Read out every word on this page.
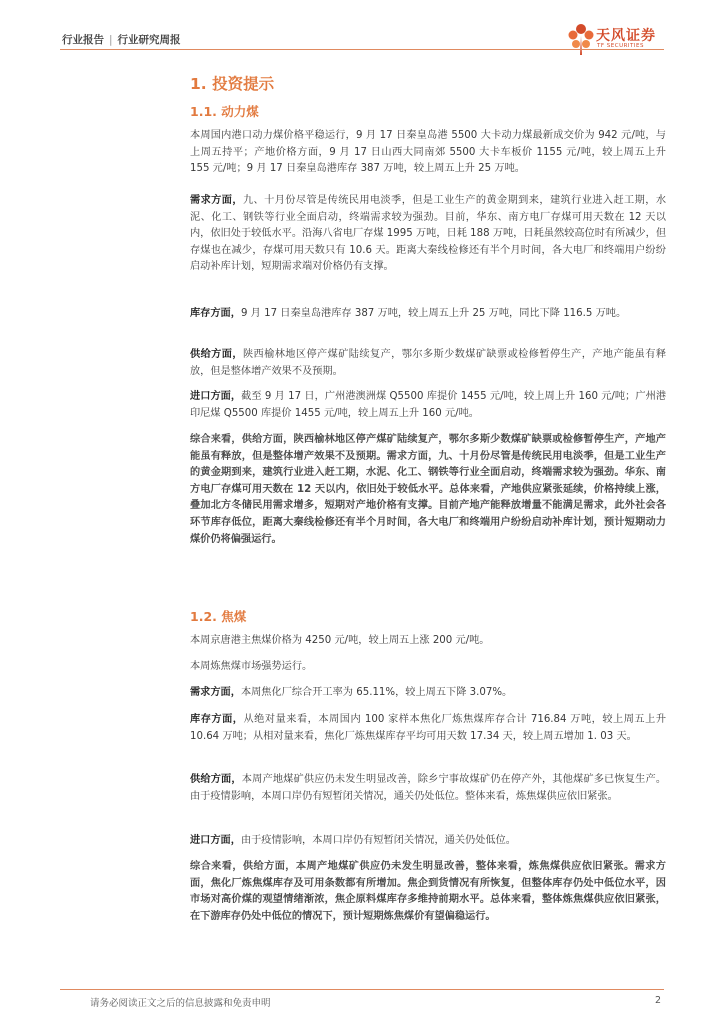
行业报告 | 行业研究周报	天风证券
TF SECURITIES
1. 投资提示
1.1. 动力煤
本周国内港口动力煤价格平稳运行，9 月 17 日秦皇岛港 5500 大卡动力煤最新成交价为 942 元/吨，与上周五持平；产地价格方面，9 月 17 日山西大同南郊 5500 大卡车板价 1155 元/吨，较上周五上升 155 元/吨；9 月 17 日秦皇岛港库存 387 万吨，较上周五上升 25 万吨。
需求方面，九、十月份尽管是传统民用电淡季，但是工业生产的黄金期到来，建筑行业进入赶工期，水泥、化工、钢铁等行业全面启动，终端需求较为强劲。目前，华东、南方电厂存煤可用天数在 12 天以内，依旧处于较低水平。沿海八省电厂存煤 1995 万吨，日耗 188 万吨，日耗虽然较高位时有所减少，但存煤也在减少，存煤可用天数只有 10.6 天。距离大秦线检修还有半个月时间，各大电厂和终端用户纷纷启动补库计划，短期需求端对价格仍有支撑。
库存方面，9 月 17 日秦皇岛港库存 387 万吨，较上周五上升 25 万吨，同比下降 116.5 万吨。
供给方面，陕西榆林地区停产煤矿陆续复产，鄂尔多斯少数煤矿缺票或检修暂停生产，产地产能虽有释放，但是整体增产效果不及预期。
进口方面，截至 9 月 17 日，广州港澳洲煤 Q5500 库提价 1455 元/吨，较上周上升 160 元/吨；广州港印尼煤 Q5500 库提价 1455 元/吨，较上周五上升 160 元/吨。
综合来看，供给方面，陕西榆林地区停产煤矿陆续复产，鄂尔多斯少数煤矿缺票或检修暂停生产，产地产能虽有释放，但是整体增产效果不及预期。需求方面，九、十月份尽管是传统民用电淡季，但是工业生产的黄金期到来，建筑行业进入赶工期，水泥、化工、钢铁等行业全面启动，终端需求较为强劲。华东、南方电厂存煤可用天数在 12 天以内，依旧处于较低水平。总体来看，产地供应紧张延续，价格持续上涨，叠加北方冬储民用需求增多，短期对产地价格有支撑。目前产地产能释放增量不能满足需求，此外社会各环节库存低位，距离大秦线检修还有半个月时间，各大电厂和终端用户纷纷启动补库计划，预计短期动力煤价仍将偏强运行。
1.2. 焦煤
本周京唐港主焦煤价格为 4250 元/吨，较上周五上涨 200 元/吨。
本周炼焦煤市场强势运行。
需求方面，本周焦化厂综合开工率为 65.11%，较上周五下降 3.07%。
库存方面，从绝对量来看，本周国内 100 家样本焦化厂炼焦煤库存合计 716.84 万吨，较上周五上升 10.64 万吨；从相对量来看，焦化厂炼焦煤库存平均可用天数 17.34 天，较上周五增加 1. 03 天。
供给方面，本周产地煤矿供应仍未发生明显改善，除乡宁事故煤矿仍在停产外，其他煤矿多已恢复生产。由于疫情影响，本周口岸仍有短暂闭关情况，通关仍处低位。整体来看，炼焦煤供应依旧紧张。
进口方面，由于疫情影响，本周口岸仍有短暂闭关情况，通关仍处低位。
综合来看，供给方面，本周产地煤矿供应仍未发生明显改善，整体来看，炼焦煤供应依旧紧张。需求方面，焦化厂炼焦煤库存及可用条数都有所增加。焦企到货情况有所恢复，但整体库存仍处中低位水平，因市场对高价煤的观望情绪渐浓，焦企原料煤库存多维持前期水平。总体来看，整体炼焦煤供应依旧紧张，在下游库存仍处中低位的情况下，预计短期炼焦煤价有望偏稳运行。
请务必阅读正文之后的信息披露和免责申明	2
